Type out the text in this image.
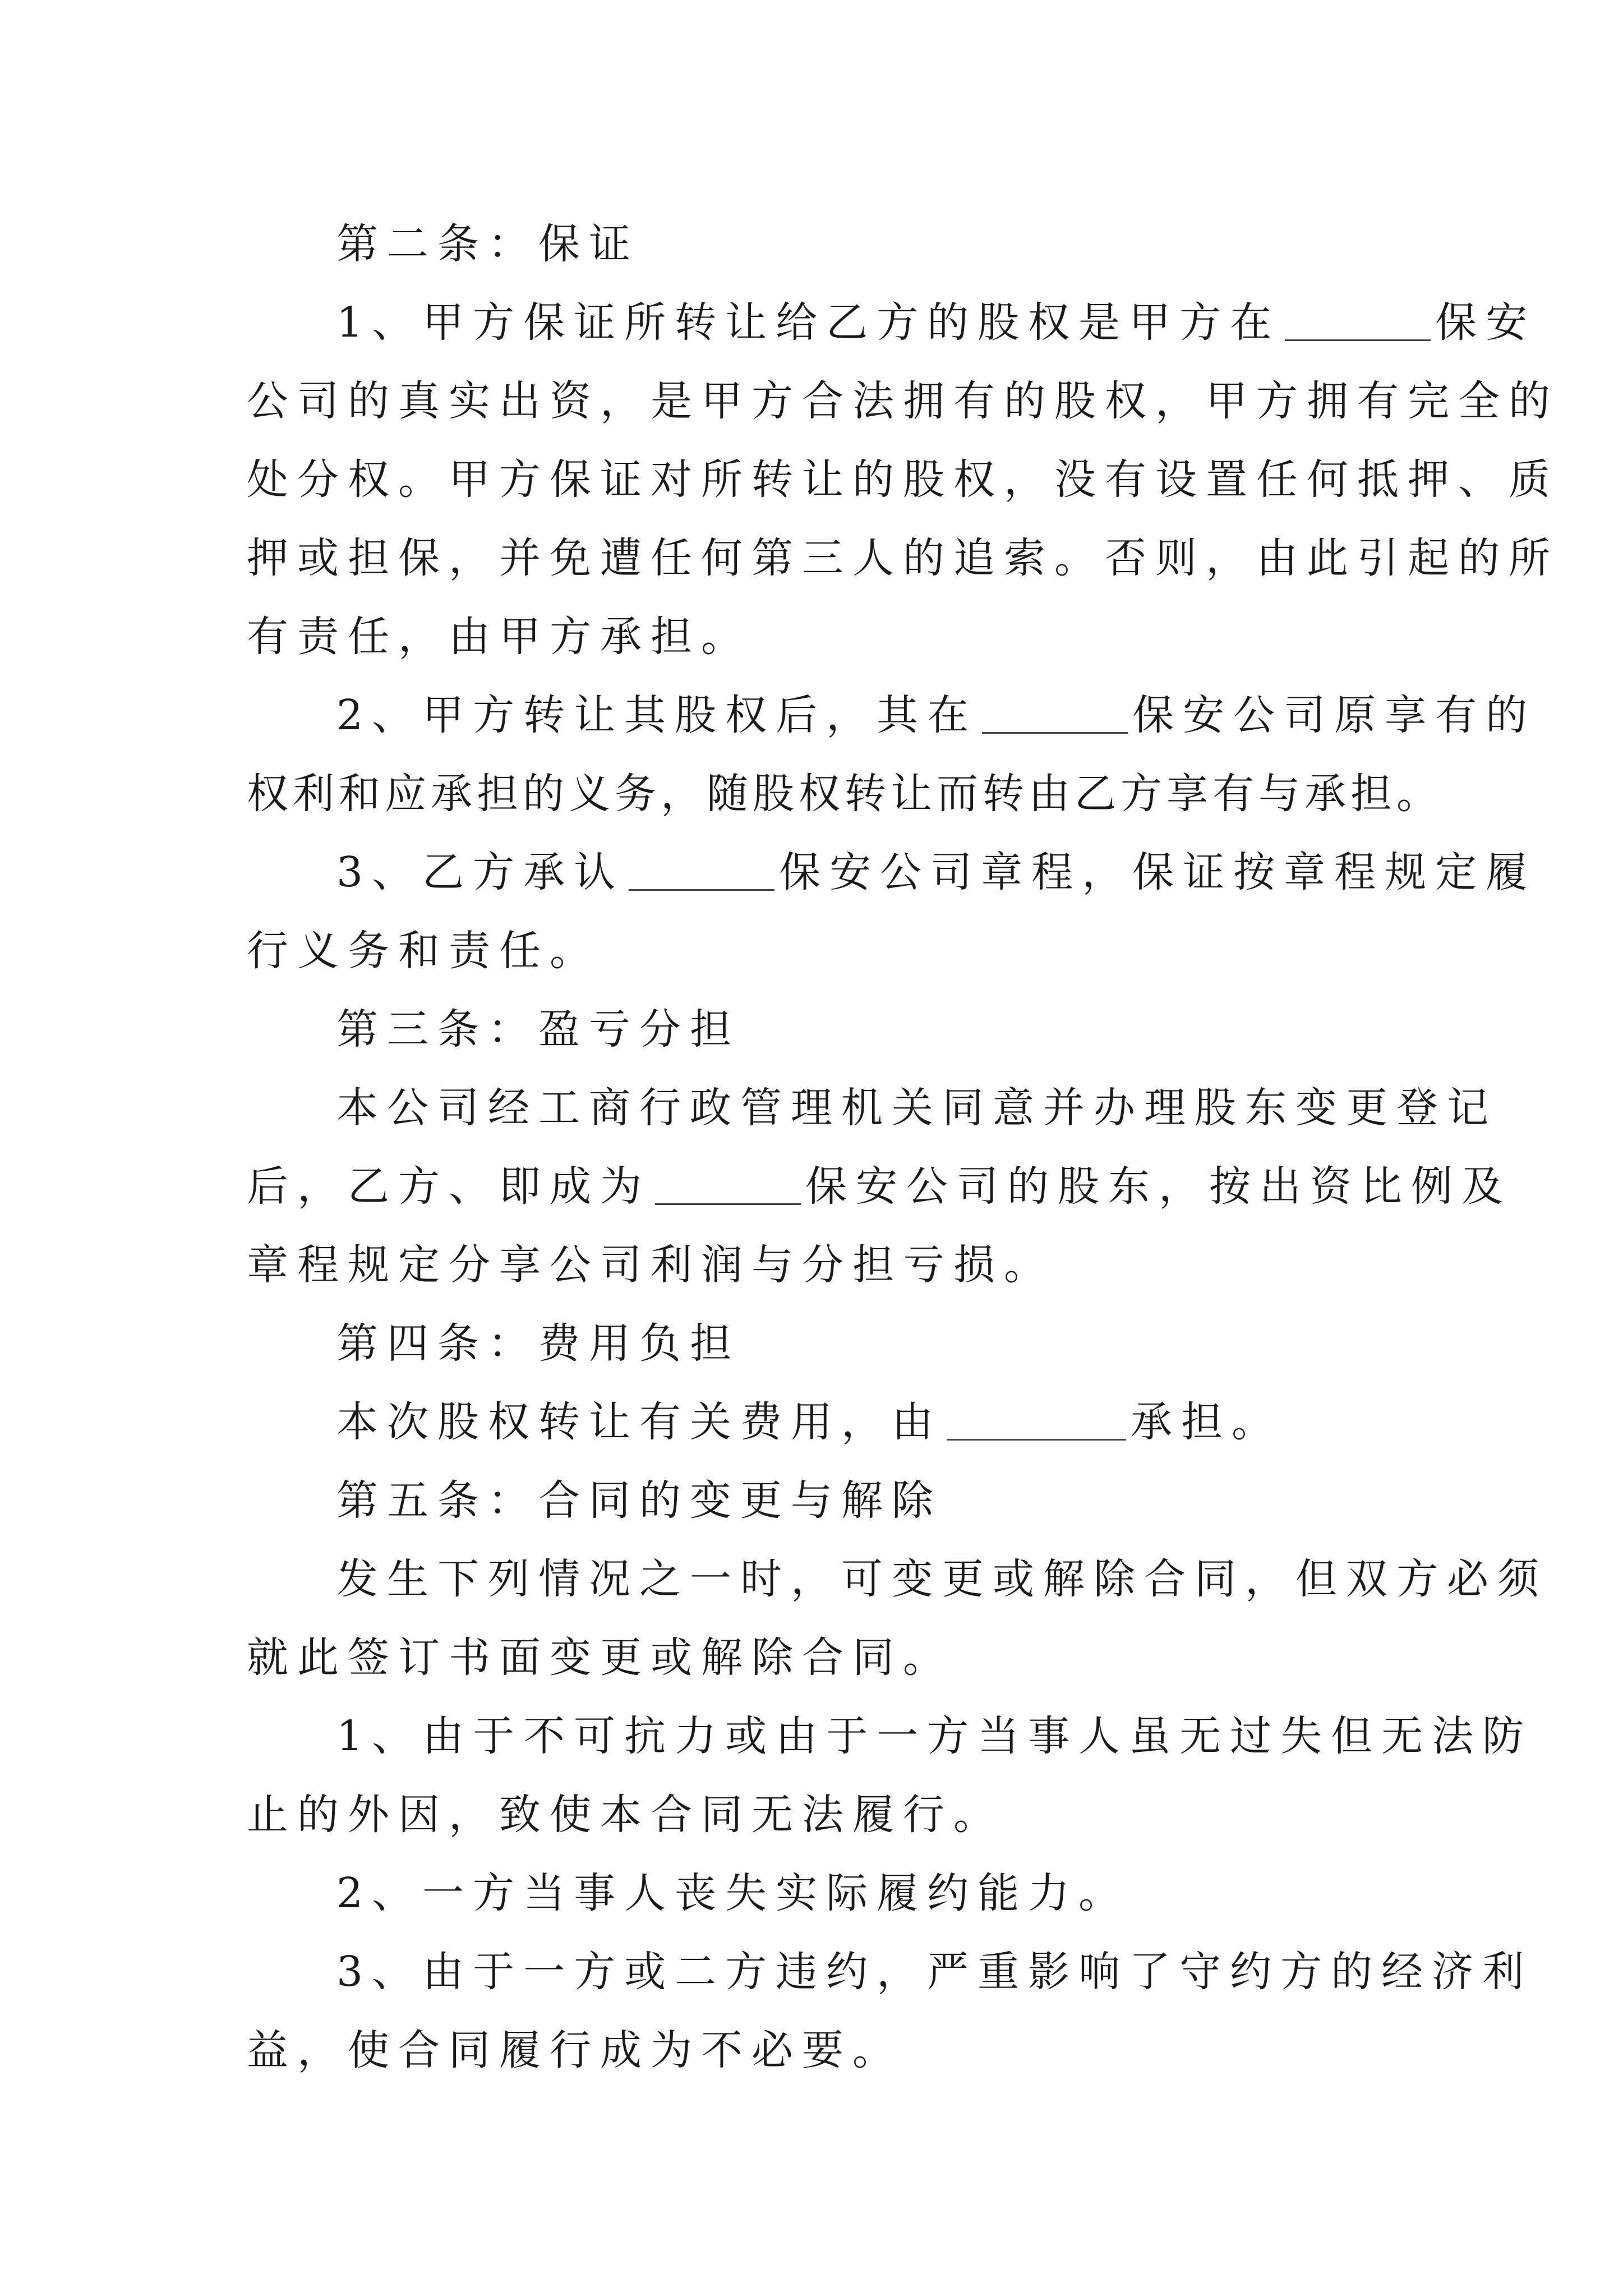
第二条：保证
1、甲方保证所转让给乙方的股权是甲方在	保安
公司的真实出资，是甲方合法拥有的股权，甲方拥有完全的
处分权。甲方保证对所转让的股权，没有设置任何抵押、质
押或担保，并免遭任何第三人的追索。否则，由此引起的所
有责任，由甲方承担。
2、甲方转让其股权后，其在	保安公司原享有的
权利和应承担的义务，随股权转让而转由乙方享有与承担。
3、乙方承认	保安公司章程，保证按章程规定履
行义务和责任。
第三条：盈亏分担
本公司经工商行政管理机关同意并办理股东变更登记
后，乙方、即成为	保安公司的股东，按出资比例及
章程规定分享公司利润与分担亏损。
第四条：费用负担
本次股权转让有关费用，由	承担。
第五条：合同的变更与解除
发生下列情况之一时，可变更或解除合同，但双方必须
就此签订书面变更或解除合同。
1、由于不可抗力或由于一方当事人虽无过失但无法防
止的外因，致使本合同无法履行。
2、一方当事人丧失实际履约能力。
3、由于一方或二方违约，严重影响了守约方的经济利
益，使合同履行成为不必要。
